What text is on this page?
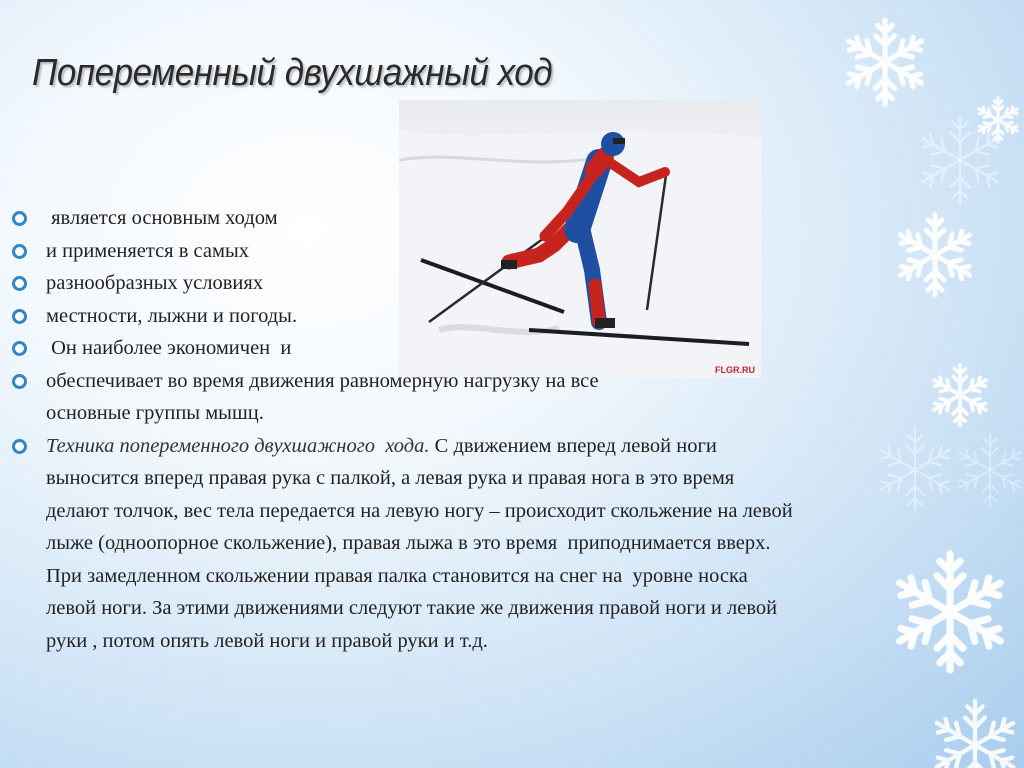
Попеременный двухшажный ход
FLGR.RU
является основным ходом
и применяется в самых
разнообразных условиях
местности, лыжни и погоды.
Он наиболее экономичен  и
обеспечивает во время движения равномерную нагрузку на все
основные группы мышц.
Техника попеременного двухшажного  хода. С движением вперед левой ноги выносится вперед правая рука с палкой, а левая рука и правая нога в это время делают толчок, вес тела передается на левую ногу – происходит скольжение на левой лыже (одноопорное скольжение), правая лыжа в это время  приподнимается вверх. При замедленном скольжении правая палка становится на снег на  уровне носка левой ноги. За этими движениями следуют такие же движения правой ноги и левой руки , потом опять левой ноги и правой руки и т.д.
